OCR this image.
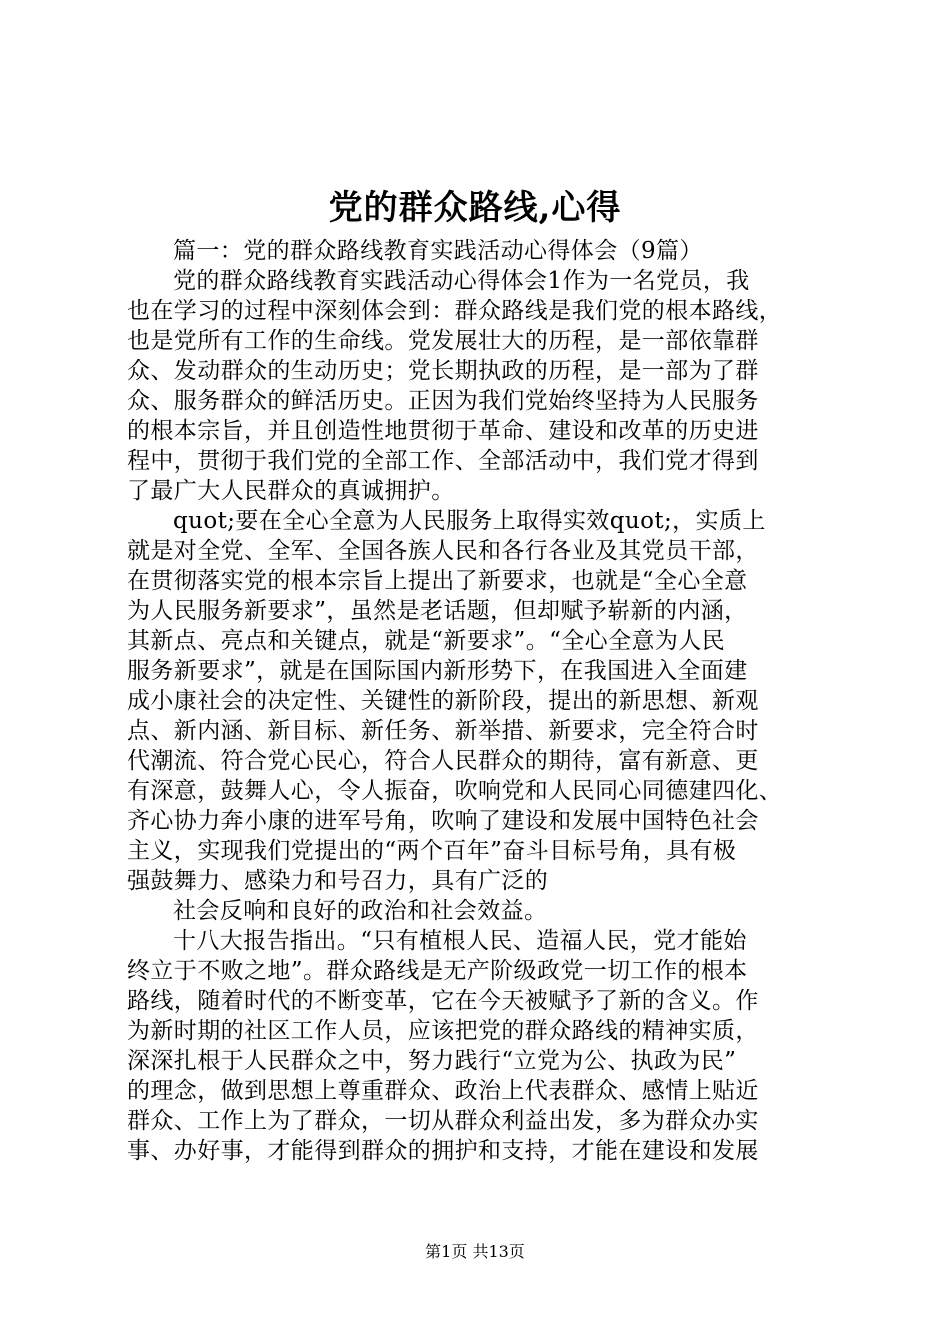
党的群众路线,心得
篇一：党的群众路线教育实践活动心得体会（9篇）
党的群众路线教育实践活动心得体会1作为一名党员，我
也在学习的过程中深刻体会到：群众路线是我们党的根本路线，
也是党所有工作的生命线。党发展壮大的历程，是一部依靠群
众、发动群众的生动历史；党长期执政的历程，是一部为了群
众、服务群众的鲜活历史。正因为我们党始终坚持为人民服务
的根本宗旨，并且创造性地贯彻于革命、建设和改革的历史进
程中，贯彻于我们党的全部工作、全部活动中，我们党才得到
了最广大人民群众的真诚拥护。
quot;要在全心全意为人民服务上取得实效quot;，实质上
就是对全党、全军、全国各族人民和各行各业及其党员干部，
在贯彻落实党的根本宗旨上提出了新要求，也就是“全心全意
为人民服务新要求”，虽然是老话题，但却赋予崭新的内涵，
其新点、亮点和关键点，就是“新要求”。“全心全意为人民
服务新要求”，就是在国际国内新形势下，在我国进入全面建
成小康社会的决定性、关键性的新阶段，提出的新思想、新观
点、新内涵、新目标、新任务、新举措、新要求，完全符合时
代潮流、符合党心民心，符合人民群众的期待，富有新意、更
有深意，鼓舞人心，令人振奋，吹响党和人民同心同德建四化、
齐心协力奔小康的进军号角，吹响了建设和发展中国特色社会
主义，实现我们党提出的“两个百年”奋斗目标号角，具有极
强鼓舞力、感染力和号召力，具有广泛的
社会反响和良好的政治和社会效益。
十八大报告指出。“只有植根人民、造福人民，党才能始
终立于不败之地”。群众路线是无产阶级政党一切工作的根本
路线，随着时代的不断变革，它在今天被赋予了新的含义。作
为新时期的社区工作人员，应该把党的群众路线的精神实质，
深深扎根于人民群众之中，努力践行“立党为公、执政为民”
的理念，做到思想上尊重群众、政治上代表群众、感情上贴近
群众、工作上为了群众，一切从群众利益出发，多为群众办实
事、办好事，才能得到群众的拥护和支持，才能在建设和发展
第1页 共13页
